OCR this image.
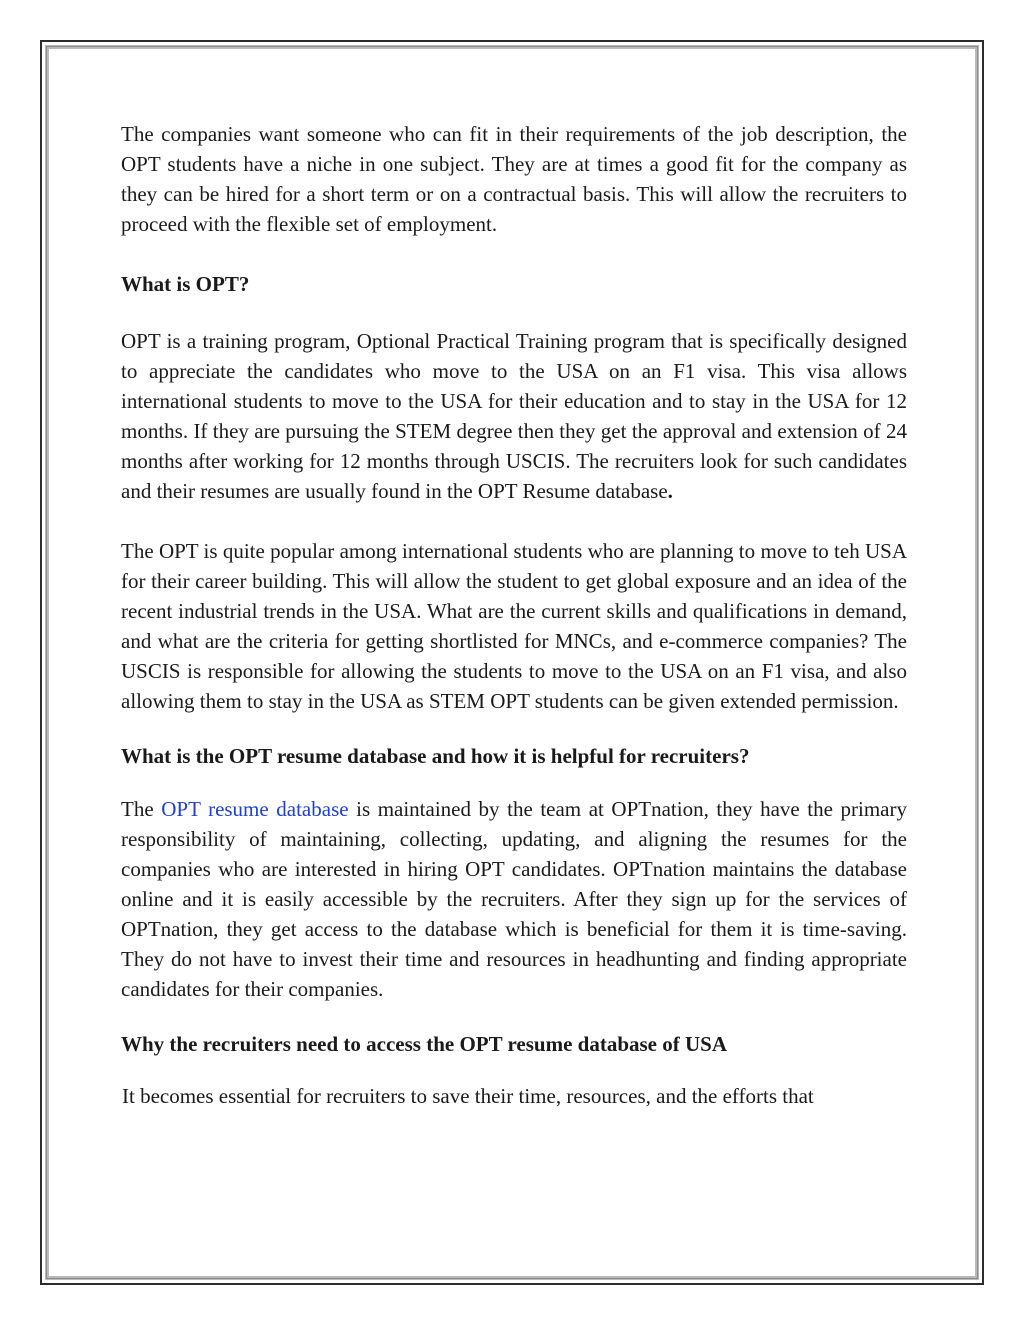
The companies want someone who can fit in their requirements of the job description, the OPT students have a niche in one subject. They are at times a good fit for the company as they can be hired for a short term or on a contractual basis. This will allow the recruiters to proceed with the flexible set of employment.

What is OPT?

OPT is a training program, Optional Practical Training program that is specifically designed to appreciate the candidates who move to the USA on an F1 visa. This visa allows international students to move to the USA for their education and to stay in the USA for 12 months. If they are pursuing the STEM degree then they get the approval and extension of 24 months after working for 12 months through USCIS. The recruiters look for such candidates and their resumes are usually found in the OPT Resume database.

The OPT is quite popular among international students who are planning to move to teh USA for their career building. This will allow the student to get global exposure and an idea of the recent industrial trends in the USA. What are the current skills and qualifications in demand, and what are the criteria for getting shortlisted for MNCs, and e-commerce companies? The USCIS is responsible for allowing the students to move to the USA on an F1 visa, and also allowing them to stay in the USA as STEM OPT students can be given extended permission.

What is the OPT resume database and how it is helpful for recruiters?

The OPT resume database is maintained by the team at OPTnation, they have the primary responsibility of maintaining, collecting, updating, and aligning the resumes for the companies who are interested in hiring OPT candidates. OPTnation maintains the database online and it is easily accessible by the recruiters. After they sign up for the services of OPTnation, they get access to the database which is beneficial for them it is time-saving. They do not have to invest their time and resources in headhunting and finding appropriate candidates for their companies.

Why the recruiters need to access the OPT resume database of USA

It becomes essential for recruiters to save their time, resources, and the efforts that
